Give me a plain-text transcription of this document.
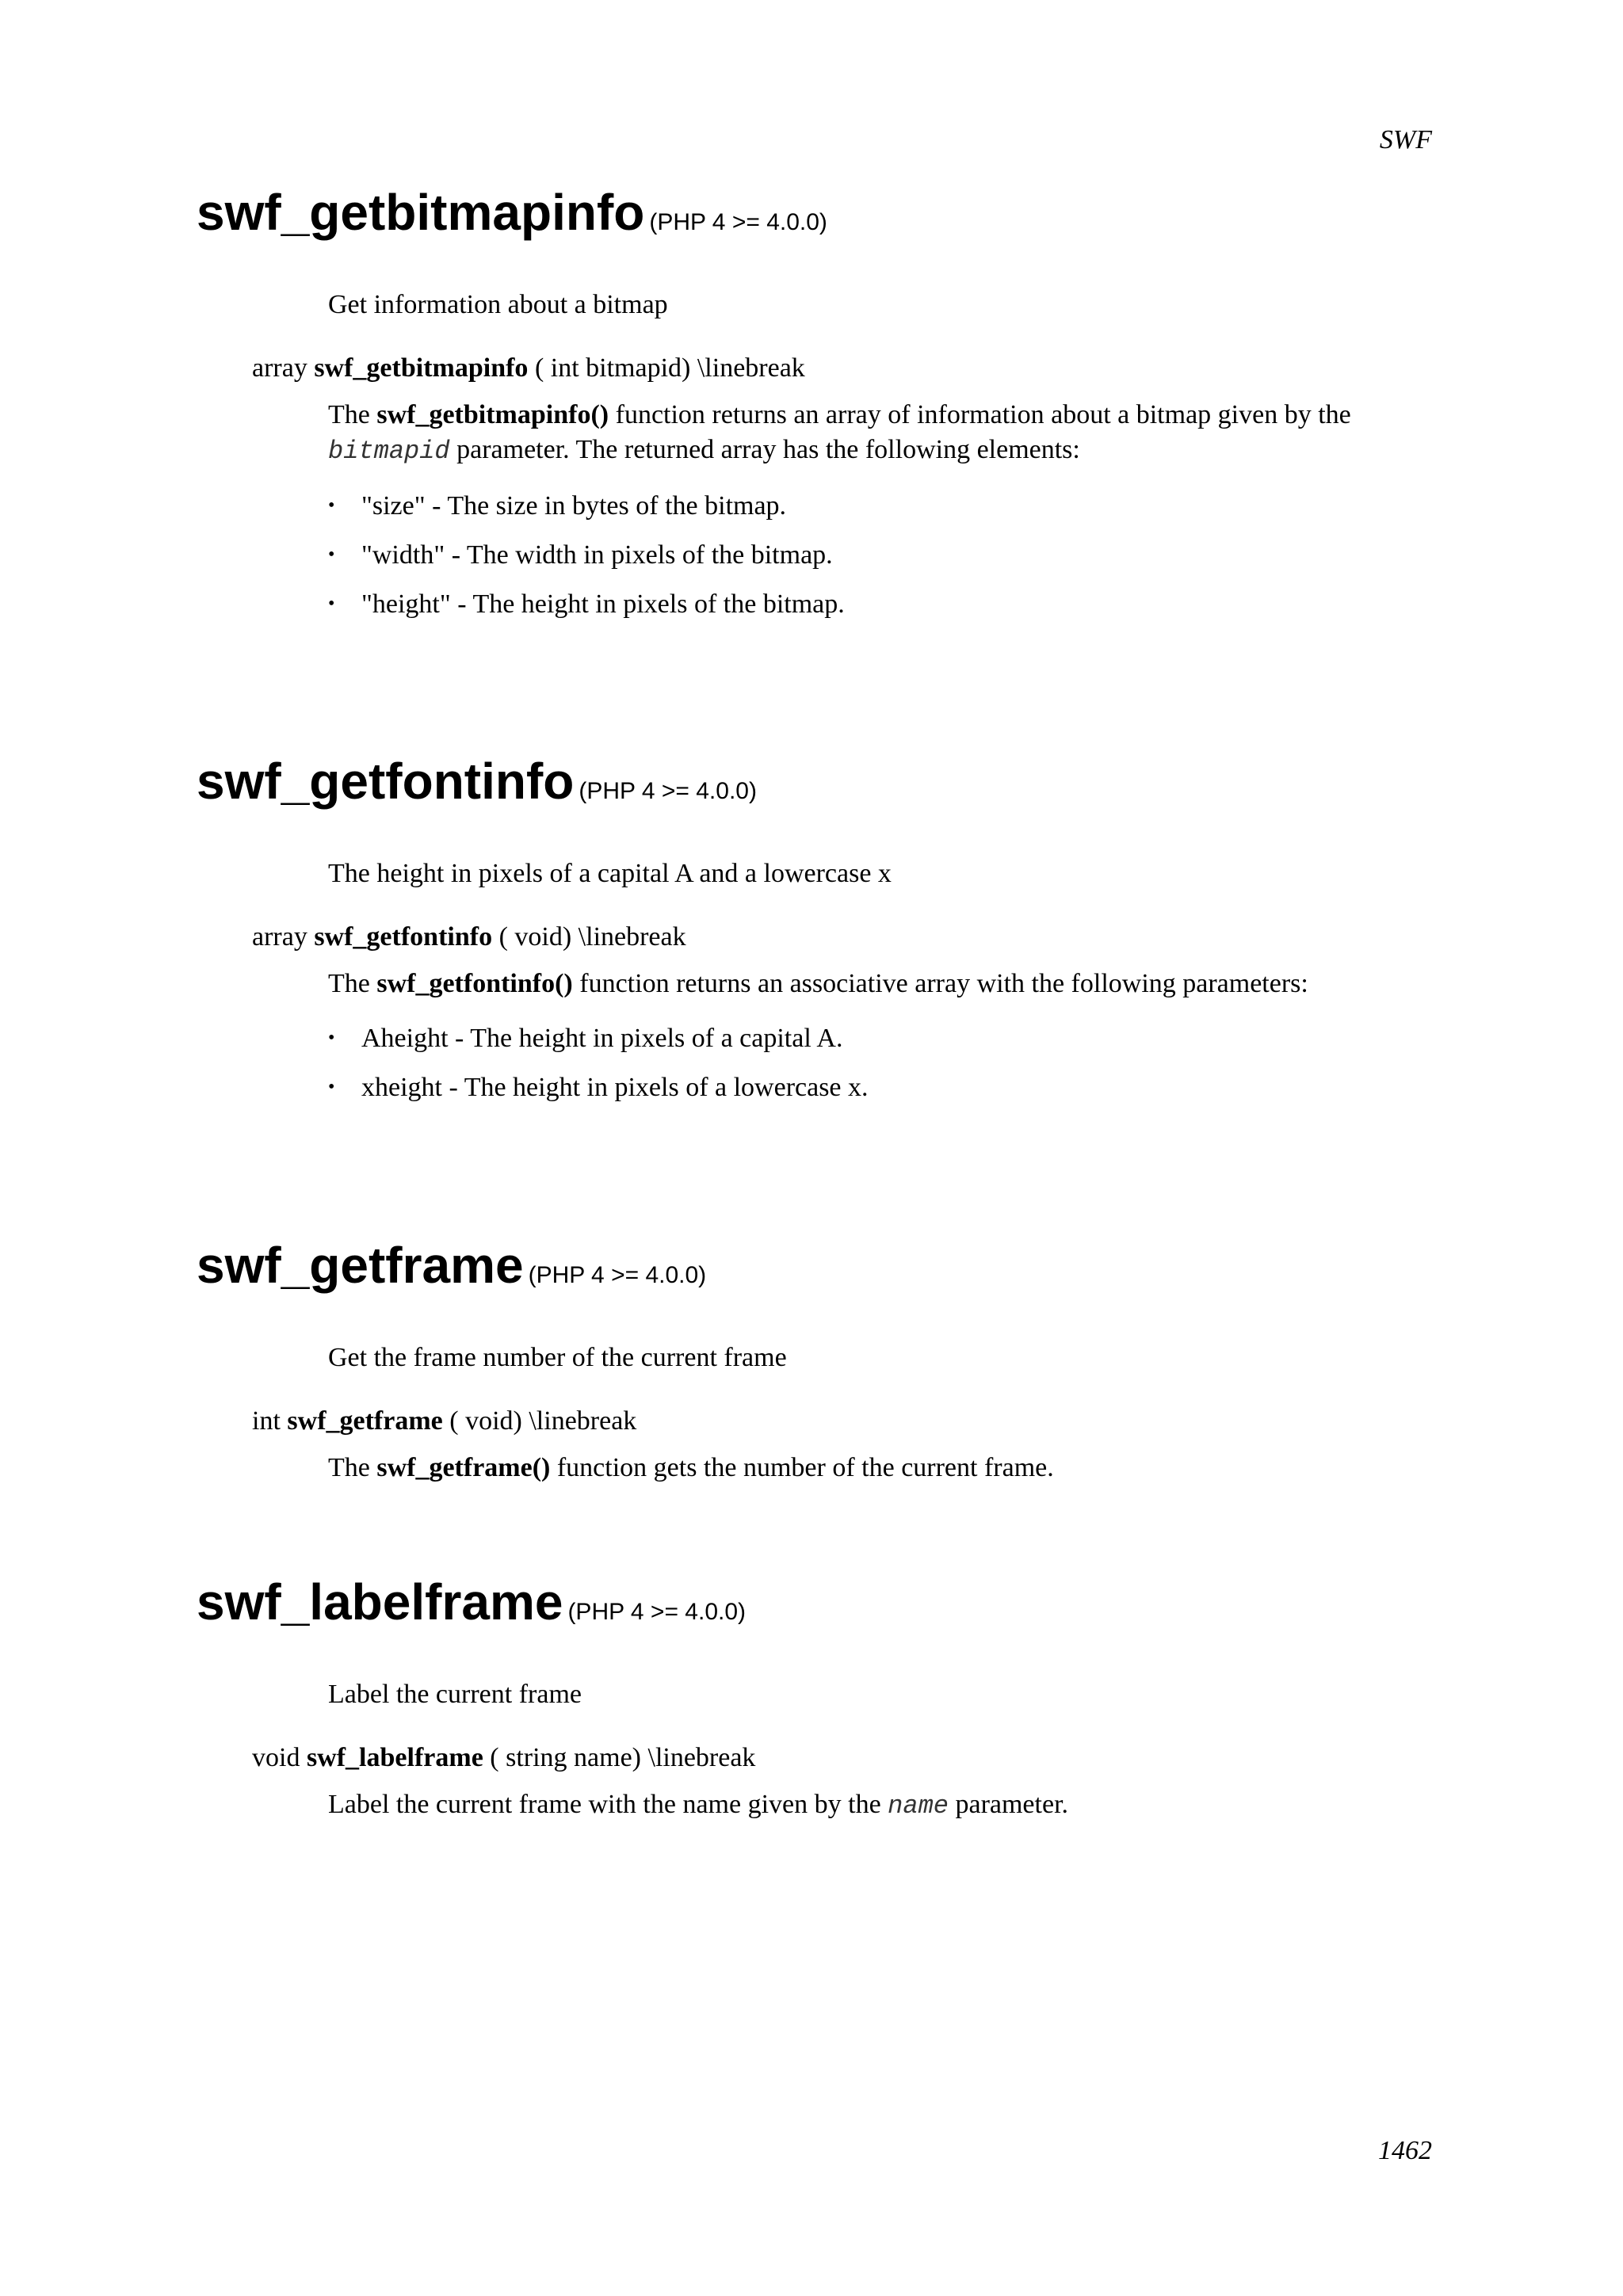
SWF
swf_getbitmapinfo (PHP 4 >= 4.0.0)

Get information about a bitmap

array swf_getbitmapinfo ( int bitmapid) \linebreak

The swf_getbitmapinfo() function returns an array of information about a bitmap given by the bitmapid parameter. The returned array has the following elements:

• "size" - The size in bytes of the bitmap.
• "width" - The width in pixels of the bitmap.
• "height" - The height in pixels of the bitmap.
swf_getfontinfo (PHP 4 >= 4.0.0)

The height in pixels of a capital A and a lowercase x

array swf_getfontinfo ( void) \linebreak

The swf_getfontinfo() function returns an associative array with the following parameters:

• Aheight - The height in pixels of a capital A.
• xheight - The height in pixels of a lowercase x.
swf_getframe (PHP 4 >= 4.0.0)

Get the frame number of the current frame

int swf_getframe ( void) \linebreak

The swf_getframe() function gets the number of the current frame.

swf_labelframe (PHP 4 >= 4.0.0)

Label the current frame

void swf_labelframe ( string name) \linebreak

Label the current frame with the name given by the name parameter.

1462
